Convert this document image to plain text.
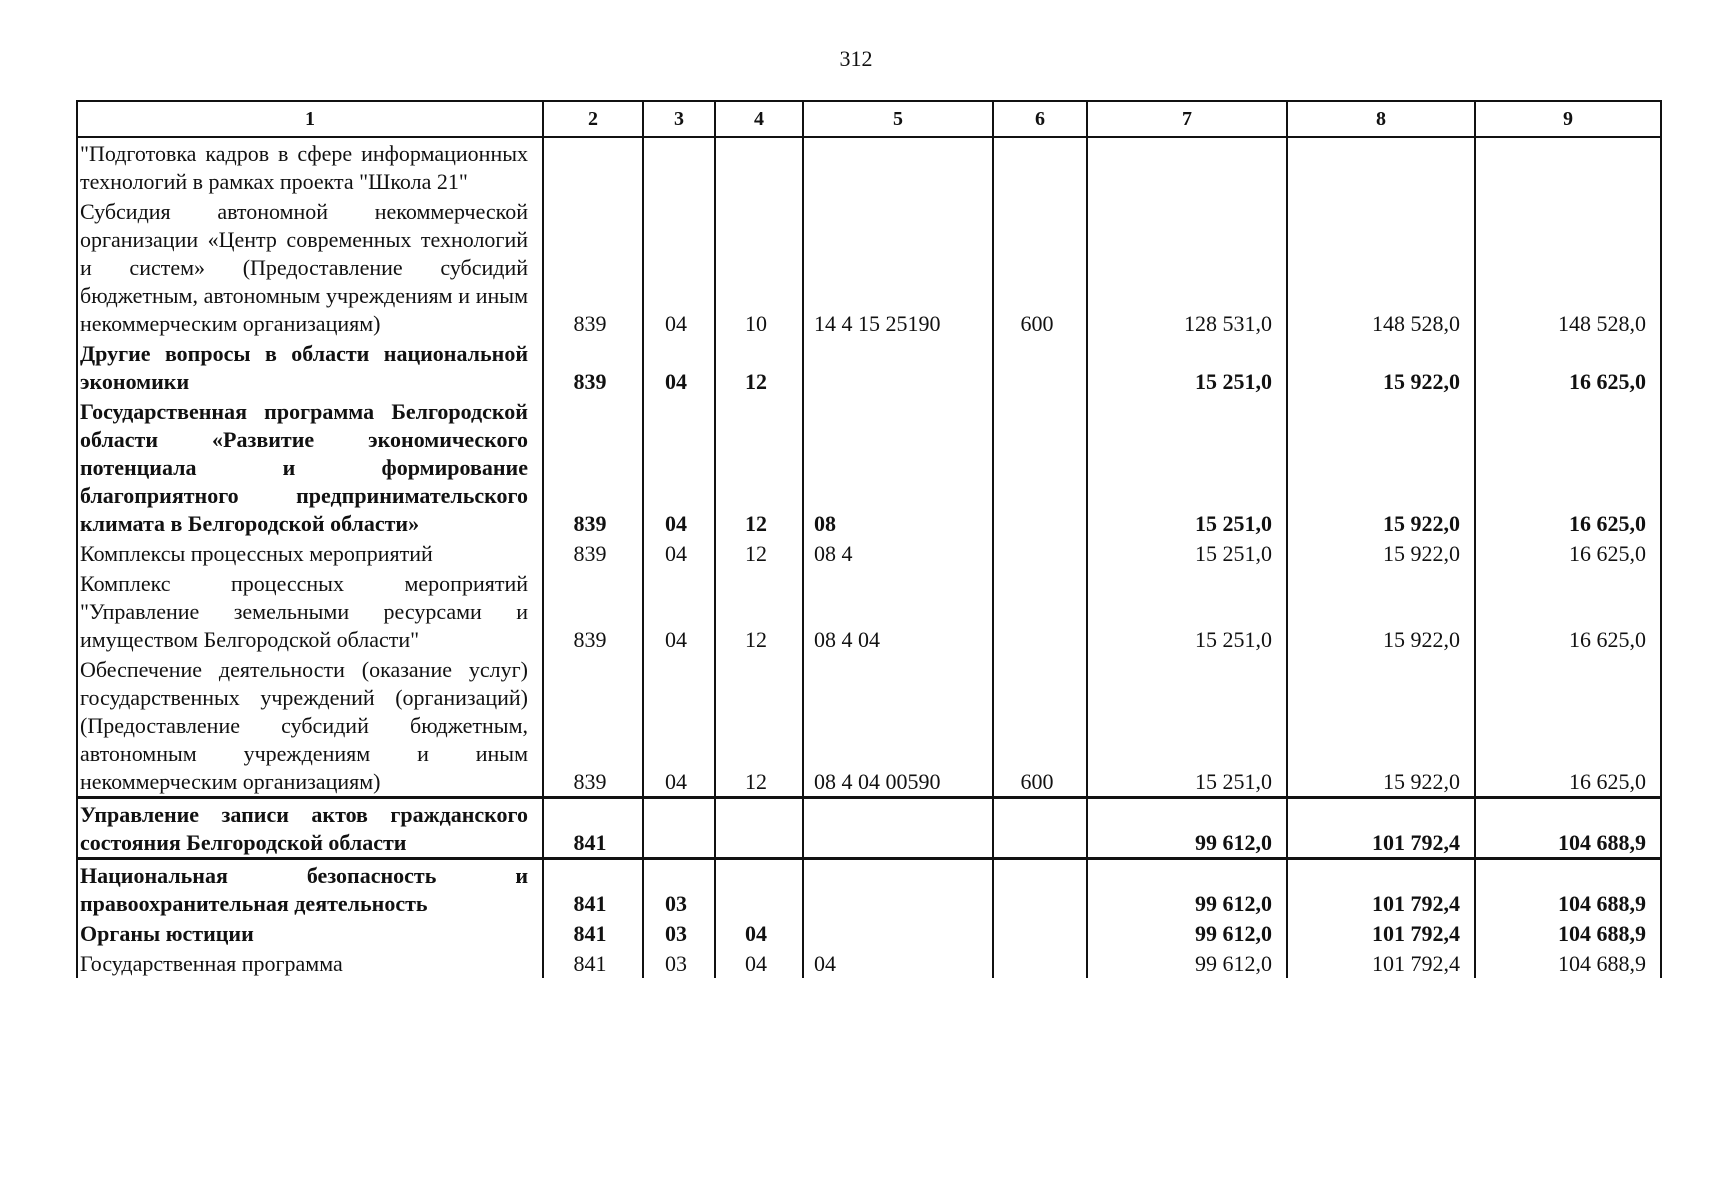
312
1	2	3	4	5	6	7	8	9
"Подготовка кадров в сфере информационных технологий в рамках проекта "Школа 21"								
Субсидия автономной некоммерческой организации «Центр современных технологий и систем» (Предоставление субсидий бюджетным, автономным учреждениям и иным некоммерческим организациям)	839	04	10	14 4 15 25190	600	128 531,0	148 528,0	148 528,0
Другие вопросы в области национальной экономики	839	04	12			15 251,0	15 922,0	16 625,0
Государственная программа Белгородской области «Развитие экономического потенциала и формирование благоприятного предпринимательского климата в Белгородской области»	839	04	12	08		15 251,0	15 922,0	16 625,0
Комплексы процессных мероприятий	839	04	12	08 4		15 251,0	15 922,0	16 625,0
Комплекс процессных мероприятий "Управление земельными ресурсами и имуществом Белгородской области"	839	04	12	08 4 04		15 251,0	15 922,0	16 625,0
Обеспечение деятельности (оказание услуг) государственных учреждений (организаций) (Предоставление субсидий бюджетным, автономным учреждениям и иным некоммерческим организациям)	839	04	12	08 4 04 00590	600	15 251,0	15 922,0	16 625,0
Управление записи актов гражданского состояния Белгородской области	841					99 612,0	101 792,4	104 688,9
Национальная безопасность и правоохранительная деятельность	841	03				99 612,0	101 792,4	104 688,9
Органы юстиции	841	03	04			99 612,0	101 792,4	104 688,9
Государственная программа	841	03	04	04		99 612,0	101 792,4	104 688,9
